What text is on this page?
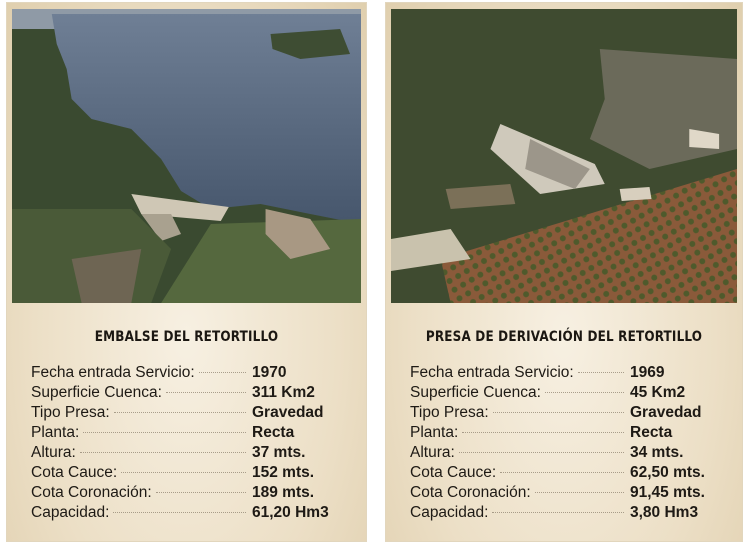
EMBALSE DEL RETORTILLO
Fecha entrada Servicio:	1970
Superficie Cuenca:	311 Km2
Tipo Presa:	Gravedad
Planta:	Recta
Altura:	37 mts.
Cota Cauce:	152 mts.
Cota Coronación:	189 mts.
Capacidad:	61,20 Hm3
PRESA DE DERIVACIÓN DEL RETORTILLO
Fecha entrada Servicio:	1969
Superficie Cuenca:	45 Km2
Tipo Presa:	Gravedad
Planta:	Recta
Altura:	34 mts.
Cota Cauce:	62,50 mts.
Cota Coronación:	91,45 mts.
Capacidad:	3,80 Hm3
